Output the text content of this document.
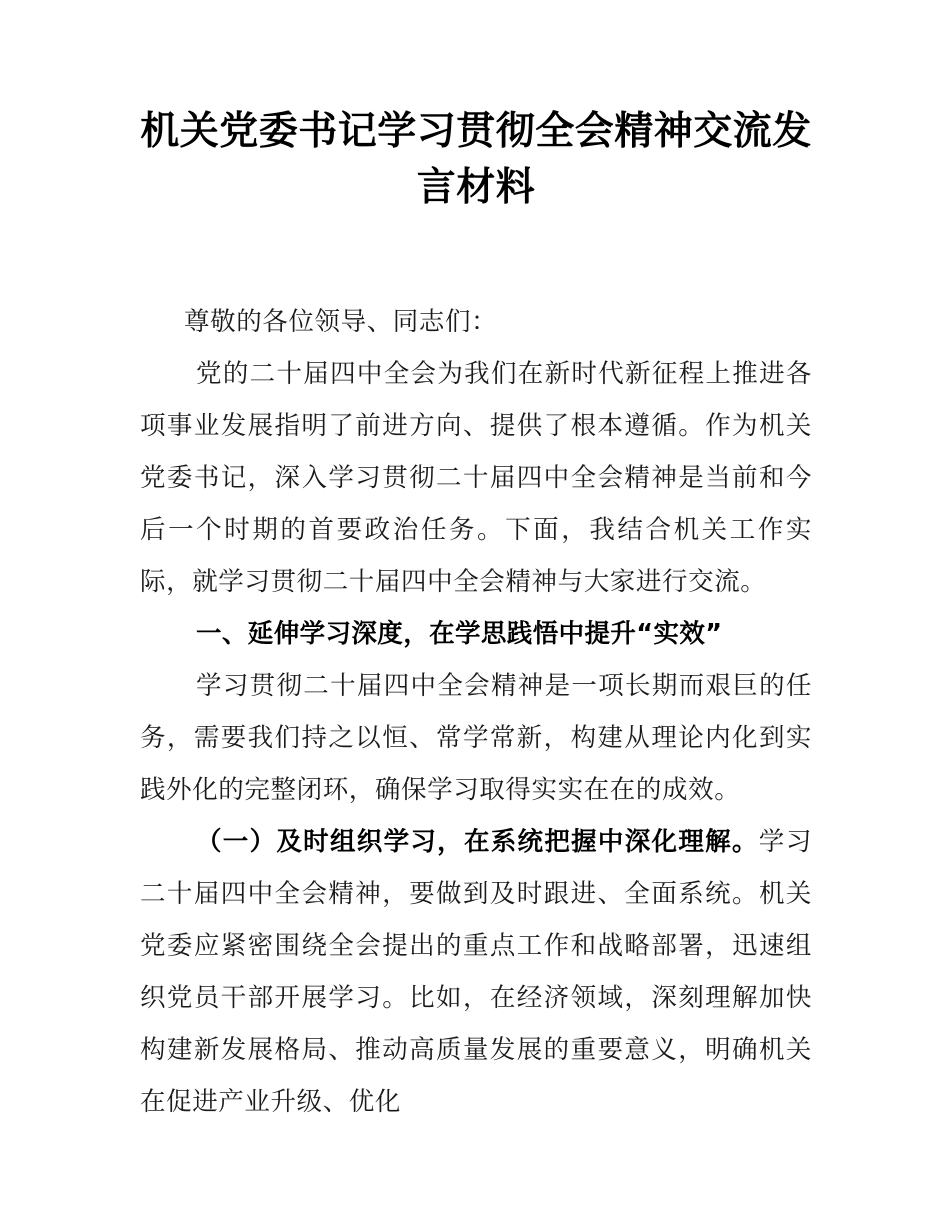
机关党委书记学习贯彻全会精神交流发言材料

尊敬的各位领导、同志们：

党的二十届四中全会为我们在新时代新征程上推进各项事业发展指明了前进方向、提供了根本遵循。作为机关党委书记，深入学习贯彻二十届四中全会精神是当前和今后一个时期的首要政治任务。下面，我结合机关工作实际，就学习贯彻二十届四中全会精神与大家进行交流。

一、延伸学习深度，在学思践悟中提升“实效”

学习贯彻二十届四中全会精神是一项长期而艰巨的任务，需要我们持之以恒、常学常新，构建从理论内化到实践外化的完整闭环，确保学习取得实实在在的成效。

（一）及时组织学习，在系统把握中深化理解。学习二十届四中全会精神，要做到及时跟进、全面系统。机关党委应紧密围绕全会提出的重点工作和战略部署，迅速组织党员干部开展学习。比如，在经济领域，深刻理解加快构建新发展格局、推动高质量发展的重要意义，明确机关在促进产业升级、优化
